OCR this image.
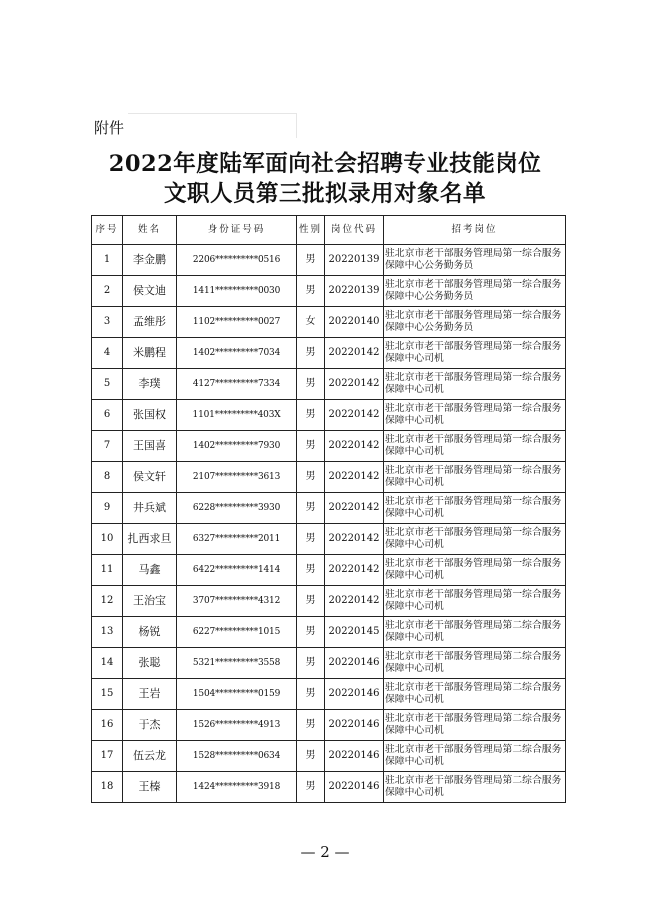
附件
2022年度陆军面向社会招聘专业技能岗位
文职人员第三批拟录用对象名单
序号	姓名	身份证号码	性别	岗位代码	招考岗位
1	李金鹏	2206**********0516	男	20220139	驻北京市老干部服务管理局第一综合服务保障中心公务勤务员
2	侯文迪	1411**********0030	男	20220139	驻北京市老干部服务管理局第一综合服务保障中心公务勤务员
3	孟维彤	1102**********0027	女	20220140	驻北京市老干部服务管理局第一综合服务保障中心公务勤务员
4	米鹏程	1402**********7034	男	20220142	驻北京市老干部服务管理局第一综合服务保障中心司机
5	李璞	4127**********7334	男	20220142	驻北京市老干部服务管理局第一综合服务保障中心司机
6	张国权	1101**********403X	男	20220142	驻北京市老干部服务管理局第一综合服务保障中心司机
7	王国喜	1402**********7930	男	20220142	驻北京市老干部服务管理局第一综合服务保障中心司机
8	侯文轩	2107**********3613	男	20220142	驻北京市老干部服务管理局第一综合服务保障中心司机
9	井兵斌	6228**********3930	男	20220142	驻北京市老干部服务管理局第一综合服务保障中心司机
10	扎西求旦	6327**********2011	男	20220142	驻北京市老干部服务管理局第一综合服务保障中心司机
11	马鑫	6422**********1414	男	20220142	驻北京市老干部服务管理局第一综合服务保障中心司机
12	王治宝	3707**********4312	男	20220142	驻北京市老干部服务管理局第一综合服务保障中心司机
13	杨锐	6227**********1015	男	20220145	驻北京市老干部服务管理局第二综合服务保障中心司机
14	张聪	5321**********3558	男	20220146	驻北京市老干部服务管理局第二综合服务保障中心司机
15	王岩	1504**********0159	男	20220146	驻北京市老干部服务管理局第二综合服务保障中心司机
16	于杰	1526**********4913	男	20220146	驻北京市老干部服务管理局第二综合服务保障中心司机
17	伍云龙	1528**********0634	男	20220146	驻北京市老干部服务管理局第二综合服务保障中心司机
18	王榛	1424**********3918	男	20220146	驻北京市老干部服务管理局第二综合服务保障中心司机
— 2 —
